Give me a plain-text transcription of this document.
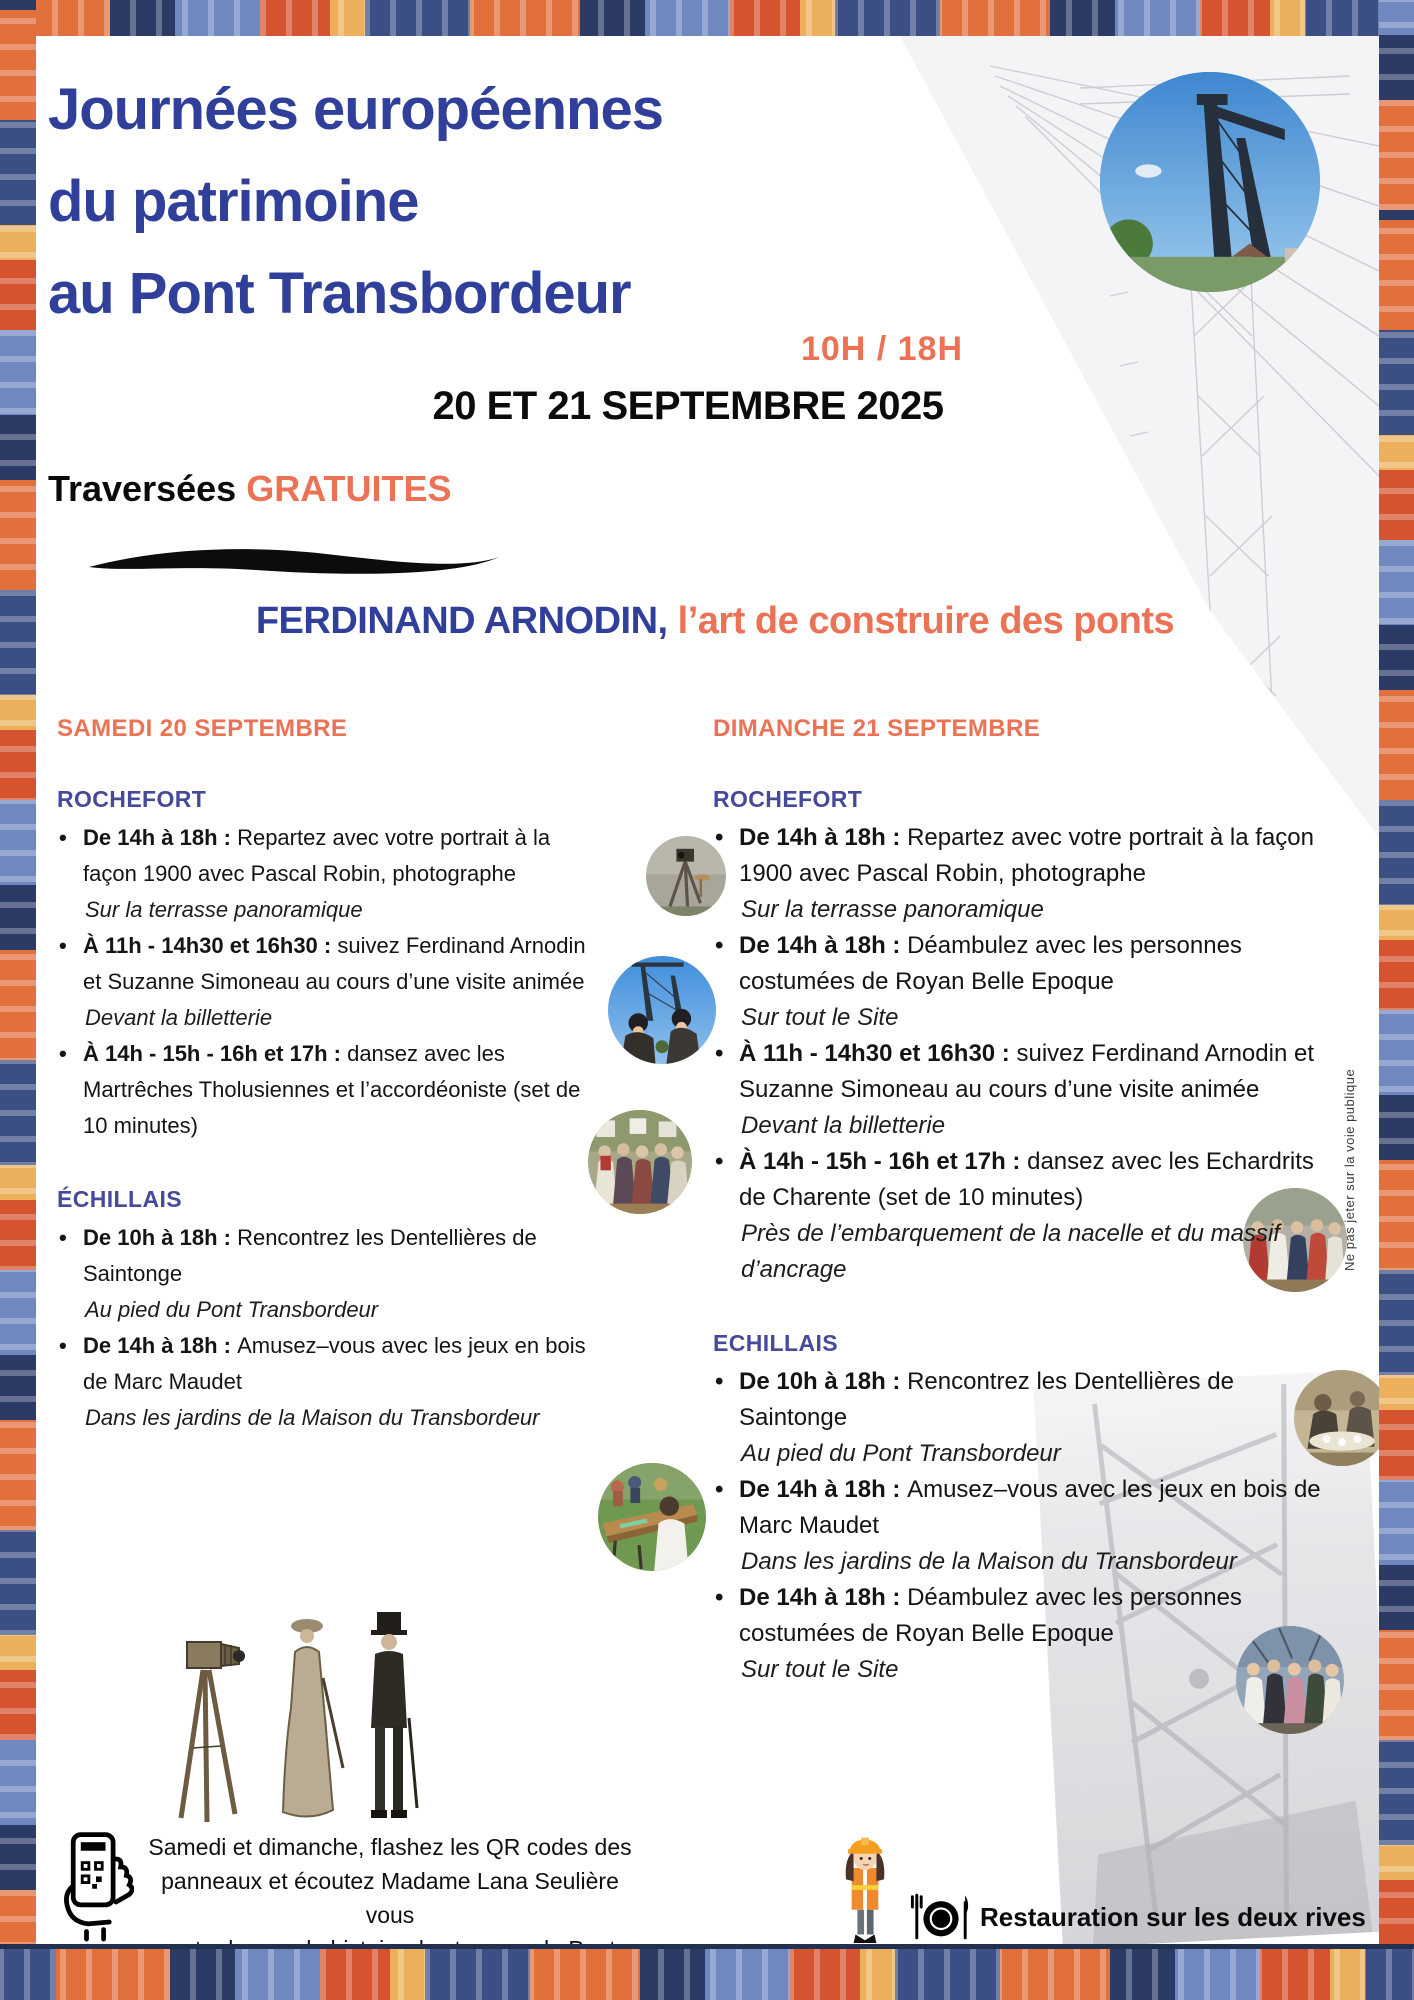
Journées européennes
du patrimoine
au Pont Transbordeur
10H / 18H
20 ET 21 SEPTEMBRE 2025
Traversées GRATUITES
FERDINAND ARNODIN, l’art de construire des ponts
SAMEDI 20 SEPTEMBRE
ROCHEFORT
• De 14h à 18h : Repartez avec votre portrait à la façon 1900 avec Pascal Robin, photographe
Sur la terrasse panoramique
• À 11h - 14h30 et 16h30 : suivez Ferdinand Arnodin et Suzanne Simoneau au cours d’une visite animée
Devant la billetterie
• À 14h - 15h - 16h et 17h : dansez avec les Martrêches Tholusiennes et l’accordéoniste (set de 10 minutes)
ÉCHILLAIS
• De 10h à 18h : Rencontrez les Dentellières de Saintonge
Au pied du Pont Transbordeur
• De 14h à 18h : Amusez–vous avec les jeux en bois de Marc Maudet
Dans les jardins de la Maison du Transbordeur
DIMANCHE 21 SEPTEMBRE
ROCHEFORT
• De 14h à 18h : Repartez avec votre portrait à la façon 1900 avec Pascal Robin, photographe
Sur la terrasse panoramique
• De 14h à 18h : Déambulez avec les personnes costumées de Royan Belle Epoque
Sur tout le Site
• À 11h - 14h30 et 16h30 : suivez Ferdinand Arnodin et Suzanne Simoneau au cours d’une visite animée
Devant la billetterie
• À 14h - 15h - 16h et 17h : dansez avec les Echardrits de Charente (set de 10 minutes)
Près de l’embarquement de la nacelle et du massif d’ancrage
ECHILLAIS
• De 10h à 18h : Rencontrez les Dentellières de Saintonge
Au pied du Pont Transbordeur
• De 14h à 18h : Amusez–vous avec les jeux en bois de Marc Maudet
Dans les jardins de la Maison du Transbordeur
• De 14h à 18h : Déambulez avec les personnes costumées de Royan Belle Epoque
Sur tout le Site
Samedi et dimanche, flashez les QR codes des
panneaux et écoutez Madame Lana Seulière vous	Restauration sur les deux rives
Ne pas jeter sur la voie publique
